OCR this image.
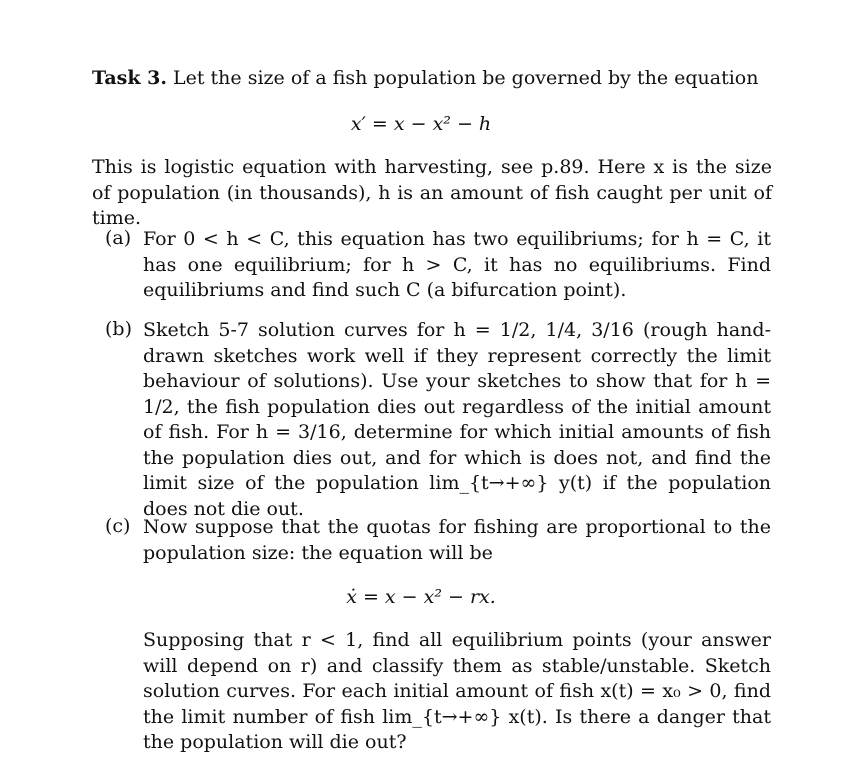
Task 3. Let the size of a fish population be governed by the equation

x′ = x − x² − h

This is logistic equation with harvesting, see p.89. Here x is the size of population (in thousands), h is an amount of fish caught per unit of time.

(a) For 0 < h < C, this equation has two equilibriums; for h = C, it has one equilibrium; for h > C, it has no equilibriums. Find equilibriums and find such C (a bifurcation point).

(b) Sketch 5-7 solution curves for h = 1/2, 1/4, 3/16 (rough hand-drawn sketches work well if they represent correctly the limit behaviour of solutions). Use your sketches to show that for h = 1/2, the fish population dies out regardless of the initial amount of fish. For h = 3/16, determine for which initial amounts of fish the population dies out, and for which is does not, and find the limit size of the population lim_{t→+∞} y(t) if the population does not die out.

(c) Now suppose that the quotas for fishing are proportional to the population size: the equation will be

ẋ = x − x² − rx.

Supposing that r < 1, find all equilibrium points (your answer will depend on r) and classify them as stable/unstable. Sketch solution curves. For each initial amount of fish x(t) = x₀ > 0, find the limit number of fish lim_{t→+∞} x(t). Is there a danger that the population will die out?
